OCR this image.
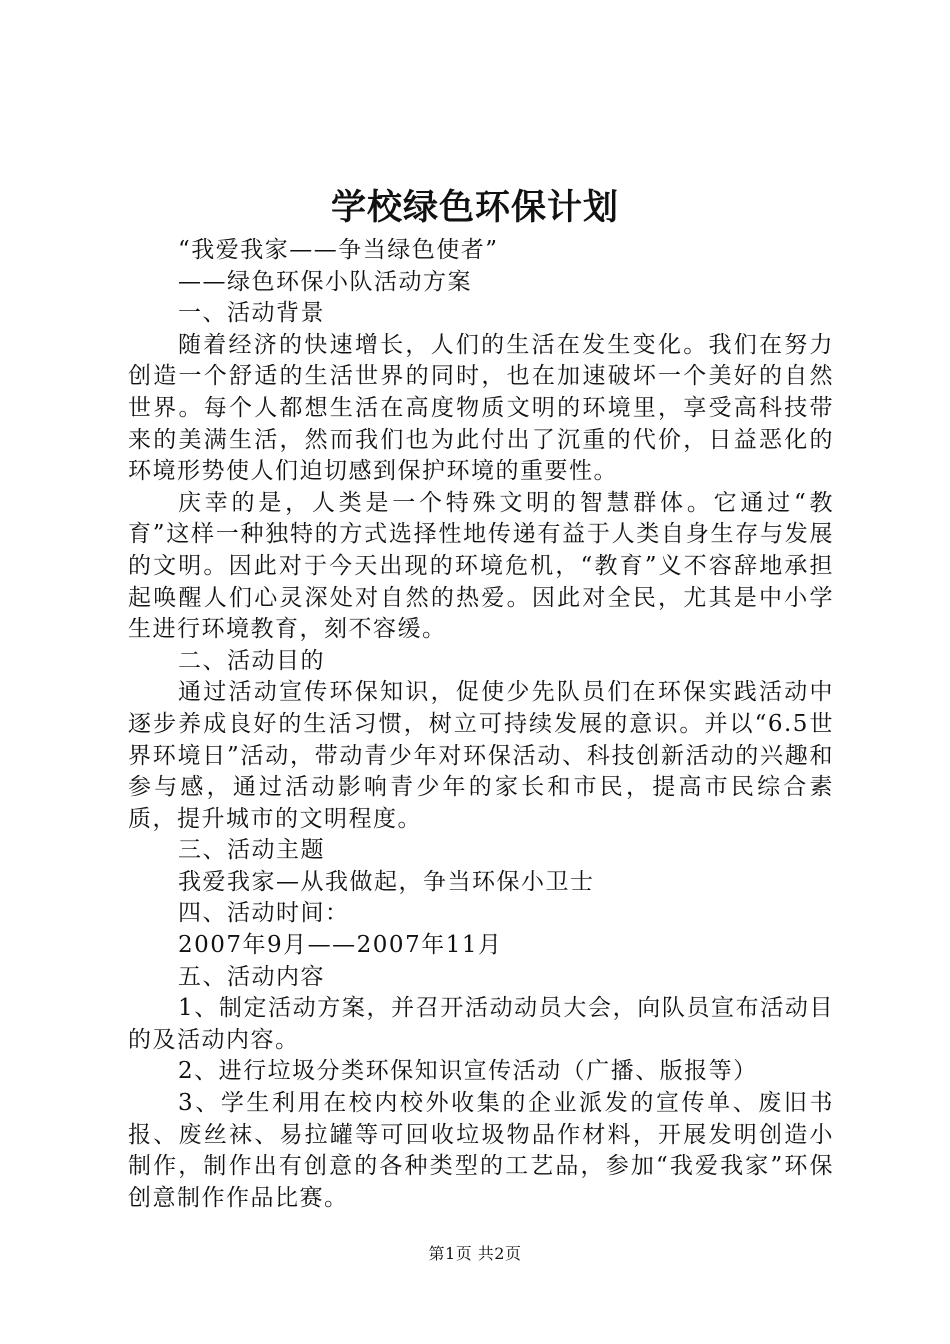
学校绿色环保计划

“我爱我家——争当绿色使者”

——绿色环保小队活动方案

一、活动背景

随着经济的快速增长，人们的生活在发生变化。我们在努力创造一个舒适的生活世界的同时，也在加速破坏一个美好的自然世界。每个人都想生活在高度物质文明的环境里，享受高科技带来的美满生活，然而我们也为此付出了沉重的代价，日益恶化的环境形势使人们迫切感到保护环境的重要性。

庆幸的是，人类是一个特殊文明的智慧群体。它通过“教育”这样一种独特的方式选择性地传递有益于人类自身生存与发展的文明。因此对于今天出现的环境危机，“教育”义不容辞地承担起唤醒人们心灵深处对自然的热爱。因此对全民，尤其是中小学生进行环境教育，刻不容缓。

二、活动目的

通过活动宣传环保知识，促使少先队员们在环保实践活动中逐步养成良好的生活习惯，树立可持续发展的意识。并以“6.5世界环境日”活动，带动青少年对环保活动、科技创新活动的兴趣和参与感，通过活动影响青少年的家长和市民，提高市民综合素质，提升城市的文明程度。

三、活动主题

我爱我家—从我做起，争当环保小卫士

四、活动时间：

2007年9月——2007年11月

五、活动内容

1、制定活动方案，并召开活动动员大会，向队员宣布活动目的及活动内容。

2、进行垃圾分类环保知识宣传活动（广播、版报等）

3、学生利用在校内校外收集的企业派发的宣传单、废旧书报、废丝袜、易拉罐等可回收垃圾物品作材料，开展发明创造小制作，制作出有创意的各种类型的工艺品，参加“我爱我家”环保创意制作作品比赛。

第1页 共2页
